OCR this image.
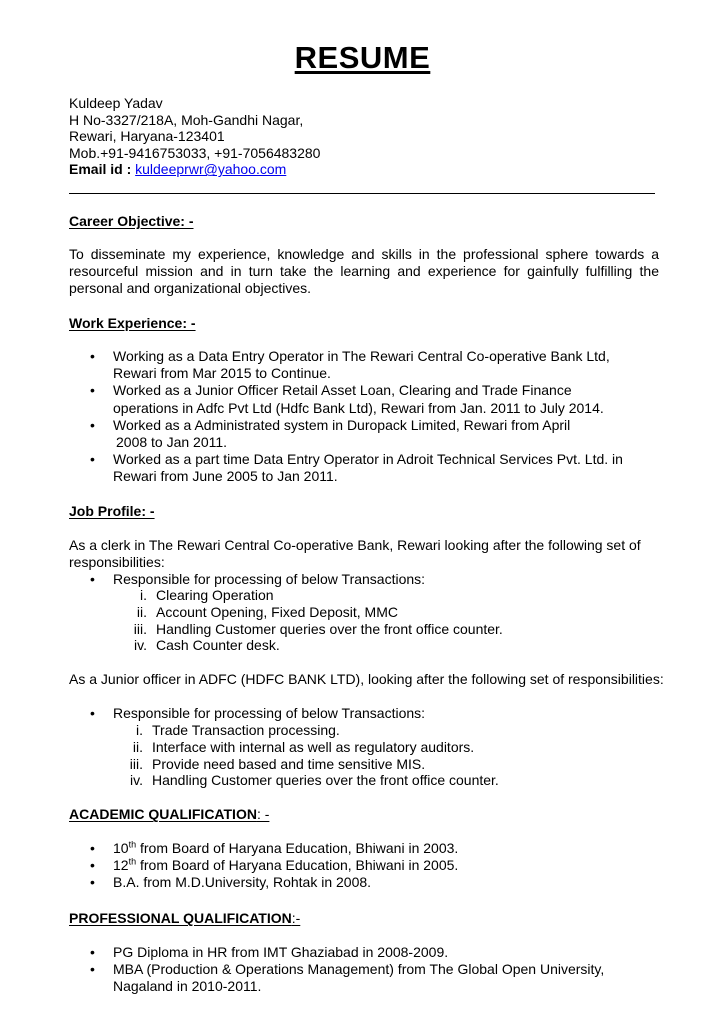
RESUME
Kuldeep Yadav
H No-3327/218A, Moh-Gandhi Nagar,
Rewari, Haryana-123401
Mob.+91-9416753033, +91-7056483280
Email id : kuldeeprwr@yahoo.com
Career Objective: -
To disseminate my experience, knowledge and skills in the professional sphere towards a resourceful mission and in turn take the learning and experience for gainfully fulfilling the personal and organizational objectives.
Work Experience: -
• Working as a Data Entry Operator in The Rewari Central Co-operative Bank Ltd,
Rewari from Mar 2015 to Continue.
• Worked as a Junior Officer Retail Asset Loan, Clearing and Trade Finance
operations in Adfc Pvt Ltd (Hdfc Bank Ltd), Rewari from Jan. 2011 to July 2014.
• Worked as a Administrated system in Duropack Limited, Rewari from April
2008 to Jan 2011.
• Worked as a part time Data Entry Operator in Adroit Technical Services Pvt. Ltd. in
Rewari from June 2005 to Jan 2011.
Job Profile: -
As a clerk in The Rewari Central Co-operative Bank, Rewari looking after the following set of responsibilities:
• Responsible for processing of below Transactions:
i. Clearing Operation
ii. Account Opening, Fixed Deposit, MMC
iii. Handling Customer queries over the front office counter.
iv. Cash Counter desk.
As a Junior officer in ADFC (HDFC BANK LTD), looking after the following set of responsibilities:
• Responsible for processing of below Transactions:
i. Trade Transaction processing.
ii. Interface with internal as well as regulatory auditors.
iii. Provide need based and time sensitive MIS.
iv. Handling Customer queries over the front office counter.
ACADEMIC QUALIFICATION: -
• 10th from Board of Haryana Education, Bhiwani in 2003.
• 12th from Board of Haryana Education, Bhiwani in 2005.
• B.A. from M.D.University, Rohtak in 2008.
PROFESSIONAL QUALIFICATION:-
• PG Diploma in HR from IMT Ghaziabad in 2008-2009.
• MBA (Production & Operations Management) from The Global Open University,
Nagaland in 2010-2011.
